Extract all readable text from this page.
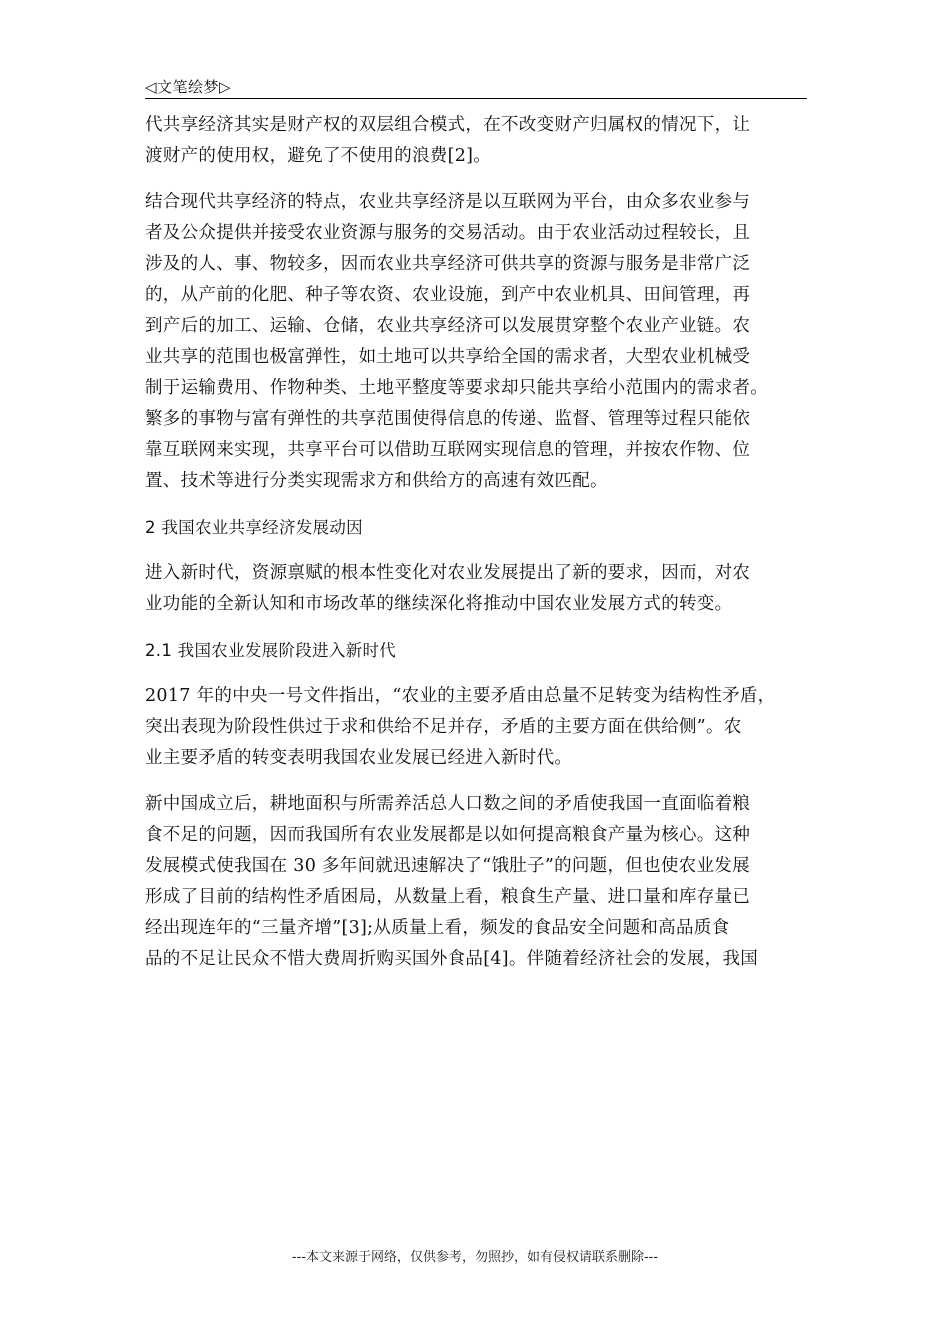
◁文笔绘梦▷
代共享经济其实是财产权的双层组合模式，在不改变财产归属权的情况下，让
渡财产的使用权，避免了不使用的浪费[2]。
结合现代共享经济的特点，农业共享经济是以互联网为平台，由众多农业参与
者及公众提供并接受农业资源与服务的交易活动。由于农业活动过程较长，且
涉及的人、事、物较多，因而农业共享经济可供共享的资源与服务是非常广泛
的，从产前的化肥、种子等农资、农业设施，到产中农业机具、田间管理，再
到产后的加工、运输、仓储，农业共享经济可以发展贯穿整个农业产业链。农
业共享的范围也极富弹性，如土地可以共享给全国的需求者，大型农业机械受
制于运输费用、作物种类、土地平整度等要求却只能共享给小范围内的需求者。
繁多的事物与富有弹性的共享范围使得信息的传递、监督、管理等过程只能依
靠互联网来实现，共享平台可以借助互联网实现信息的管理，并按农作物、位
置、技术等进行分类实现需求方和供给方的高速有效匹配。
2 我国农业共享经济发展动因
进入新时代，资源禀赋的根本性变化对农业发展提出了新的要求，因而，对农
业功能的全新认知和市场改革的继续深化将推动中国农业发展方式的转变。
2.1 我国农业发展阶段进入新时代
2017 年的中央一号文件指出，“农业的主要矛盾由总量不足转变为结构性矛盾，
突出表现为阶段性供过于求和供给不足并存，矛盾的主要方面在供给侧”。农
业主要矛盾的转变表明我国农业发展已经进入新时代。
新中国成立后，耕地面积与所需养活总人口数之间的矛盾使我国一直面临着粮
食不足的问题，因而我国所有农业发展都是以如何提高粮食产量为核心。这种
发展模式使我国在 30 多年间就迅速解决了“饿肚子”的问题，但也使农业发展
形成了目前的结构性矛盾困局，从数量上看，粮食生产量、进口量和库存量已
经出现连年的“三量齐增”[3];从质量上看，频发的食品安全问题和高品质食
品的不足让民众不惜大费周折购买国外食品[4]。伴随着经济社会的发展，我国
---本文来源于网络，仅供参考，勿照抄，如有侵权请联系删除---
